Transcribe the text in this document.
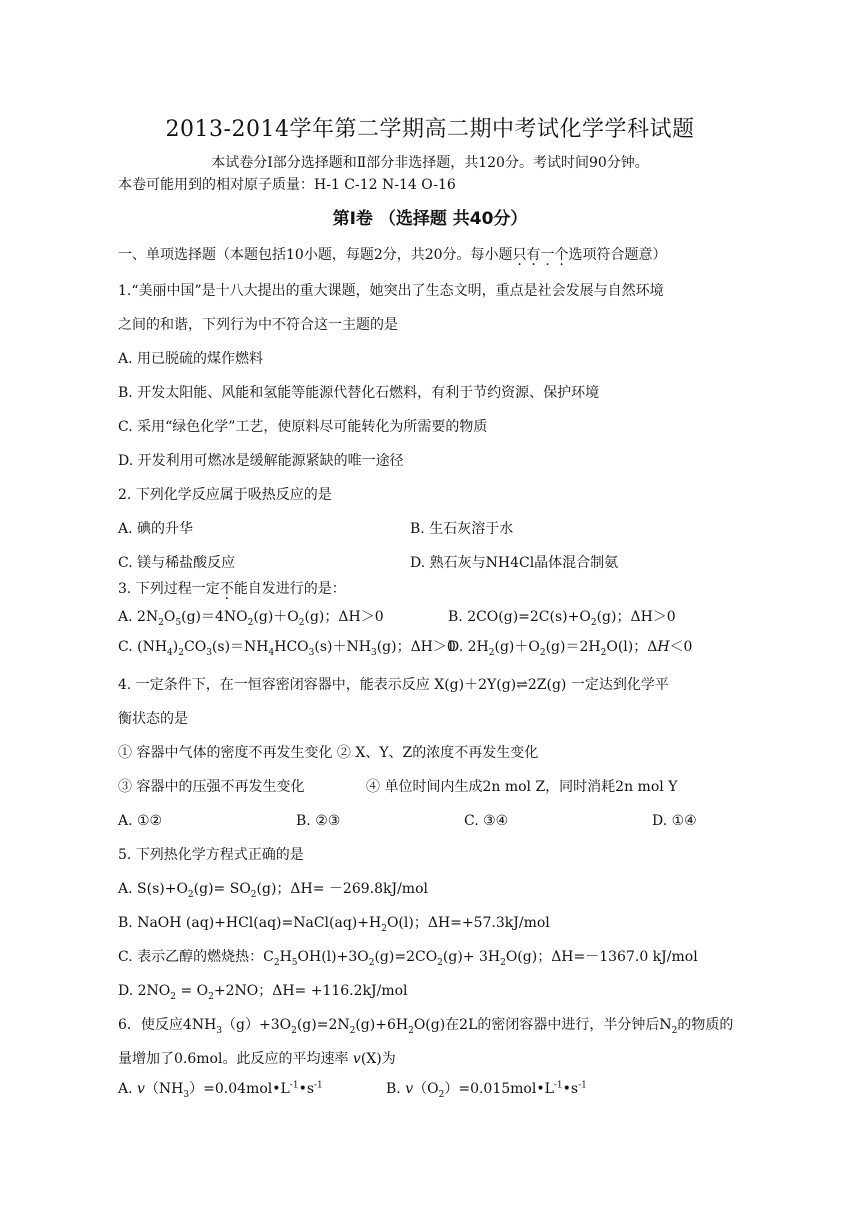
2013-2014学年第二学期高二期中考试化学学科试题
本试卷分Ⅰ部分选择题和Ⅱ部分非选择题，共120分。考试时间90分钟。
本卷可能用到的相对原子质量：H-1 C-12 N-14 O-16
第Ⅰ卷 （选择题 共40分）
一、单项选择题（本题包括10小题，每题2分，共20分。每小题只有一个选项符合题意）
1.“美丽中国”是十八大提出的重大课题，她突出了生态文明，重点是社会发展与自然环境
之间的和谐，下列行为中不符合这一主题的是
A. 用已脱硫的煤作燃料
B. 开发太阳能、风能和氢能等能源代替化石燃料，有利于节约资源、保护环境
C. 采用“绿色化学”工艺，使原料尽可能转化为所需要的物质
D. 开发利用可燃冰是缓解能源紧缺的唯一途径
2. 下列化学反应属于吸热反应的是
A. 碘的升华	B. 生石灰溶于水
C. 镁与稀盐酸反应	D. 熟石灰与NH4Cl晶体混合制氨
3. 下列过程一定不能自发进行的是：
A. $2N_2O_5(g)=4NO_2(g)+O_2(g)$；ΔH＞0	B. $2CO(g)=2C(s)+O_2(g)$；ΔH＞0
C. $(NH_4)_2CO_3(s)=NH_4HCO_3(s)+NH_3(g)$；ΔH＞0
D. $2H_2(g)+O_2(g)=2H_2O(l)$；ΔH＜0
4. 一定条件下，在一恒容密闭容器中，能表示反应 X(g)＋2Y(g)⇌2Z(g) 一定达到化学平
衡状态的是
① 容器中气体的密度不再发生变化 ② X、Y、Z的浓度不再发生变化
③ 容器中的压强不再发生变化	④ 单位时间内生成2n mol Z，同时消耗2n mol Y
A. ①②	B. ②③	C. ③④	D. ①④
5. 下列热化学方程式正确的是
A. $S(s)+O_2(g)= SO_2(g)$；ΔH= －269.8kJ/mol
B. NaOH $(aq)+HCl(aq)=NaCl(aq)+H_2O(l)$；ΔH=+57.3kJ/mol
C. 表示乙醇的燃烧热：$C_2H_5OH(l)+3O_2(g)=2CO_2(g)+ 3H_2O(g)$；ΔH=－1367.0 kJ/mol
D. $2NO_2 = O_2+2NO$；ΔH= +116.2kJ/mol
6．使反应$4NH_3(g)+3O_2(g)=2N_2(g)+6H_2O(g)$在2L的密闭容器中进行，半分钟后$N_2$的物质的
量增加了0.6mol。此反应的平均速率 v(X)为
A. $v(NH_3)=0.04mol•L^{-1}•s^{-1}$	B. $v(O_2)=0.015mol•L^{-1}•s^{-1}$
